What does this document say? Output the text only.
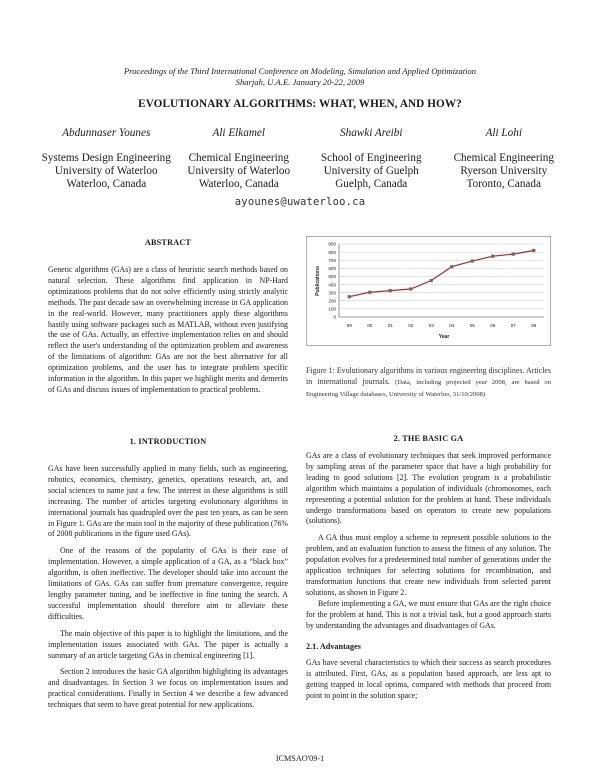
Proceedings of the Third International Conference on Modeling, Simulation and Applied Optimization
Sharjah, U.A.E. January 20-22, 2009
EVOLUTIONARY ALGORITHMS: WHAT, WHEN, AND HOW?
Abdunnaser Younes
Systems Design Engineering
University of Waterloo
Waterloo, Canada
Ali Elkamel
Chemical Engineering
University of Waterloo
Waterloo, Canada
Shawki Areibi
School of Engineering
University of Guelph
Guelph, Canada
Ali Lohi
Chemical Engineering
Ryerson University
Toronto, Canada
ayounes@uwaterloo.ca
ABSTRACT

Genetic algorithms (GAs) are a class of heuristic search methods based on natural selection. These algorithms find application in NP-Hard optimizations problems that do not solve efficiently using strictly analytic methods. The past decade saw an overwhelming increase in GA application in the real-world. However, many practitioners apply these algorithms hastily using software packages such as MATLAB, without even justifying the use of GAs. Actually, an effective implementation relies on and should reflect the user's understanding of the optimization problem and awareness of the limitations of algorithm: GAs are not the best alternative for all optimization problems, and the user has to integrate problem specific information in the algorithm. In this paper we highlight merits and demerits of GAs and discuss issues of implementation to practical problems.

Publications
Year
0
100
200
300
400
500
600
700
800
900
99	00	01	02	03	04	05	06	07	08
Figure 1: Evolutionary algorithms in various engineering disciplines. Articles in international journals. (Data, including projected year 2008, are based on Engineering Village databases, University of Waterloo, 31/10/2008)
1. INTRODUCTION

GAs have been successfully applied in many fields, such as engineering, robotics, economics, chemistry, genetics, operations research, art, and social sciences to name just a few. The interest in these algorithms is still increasing. The number of articles targeting evolutionary algorithms in international journals has quadrupled over the past ten years, as can be seen in Figure 1. GAs are the main tool in the majority of these publication (76% of 2008 publications in the figure used GAs).

One of the reasons of the popularity of GAs is their ease of implementation. However, a simple application of a GA, as a “black box” algorithm, is often ineffective. The developer should take into account the limitations of GAs. GAs can suffer from premature convergence, require lengthy parameter tuning, and be ineffective in fine tuning the search. A successful implementation should therefore aim to alleviate these difficulties.

The main objective of this paper is to highlight the limitations, and the implementation issues associated with GAs. The paper is actually a summary of an article targeting GAs in chemical engineering [1].

Section 2 introduces the basic GA algorithm highlighting its advantages and disadvantages. In Section 3 we focus on implementation issues and practical considerations. Finally in Section 4 we describe a few advanced techniques that seem to have great potential for new applications.

2. THE BASIC GA

GAs are a class of evolutionary techniques that seek improved performance by sampling areas of the parameter space that have a high probability for leading to good solutions [2]. The evolution program is a probabilistic algorithm which maintains a population of individuals (chromosomes, each representing a potential solution for the problem at hand. These individuals undergo transformations based on operators to create new populations (solutions).

A GA thus must employ a scheme to represent possible solutions to the problem, and an evaluation function to assess the fitness of any solution. The population evolves for a predetermined total number of generations under the application techniques for selecting solutions for recombination, and transformation functions that create new individuals from selected parent solutions, as shown in Figure 2.

Before implementing a GA, we must ensure that GAs are the right choice for the problem at hand. This is not a trivial task, but a good approach starts by understanding the advantages and disadvantages of GAs.

2.1. Advantages

GAs have several characteristics to which their success as search procedures is attributed. First, GAs, as a population based approach, are less apt to getting trapped in local optima, compared with methods that proceed from point to point in the solution space;

ICMSAO'09-1
